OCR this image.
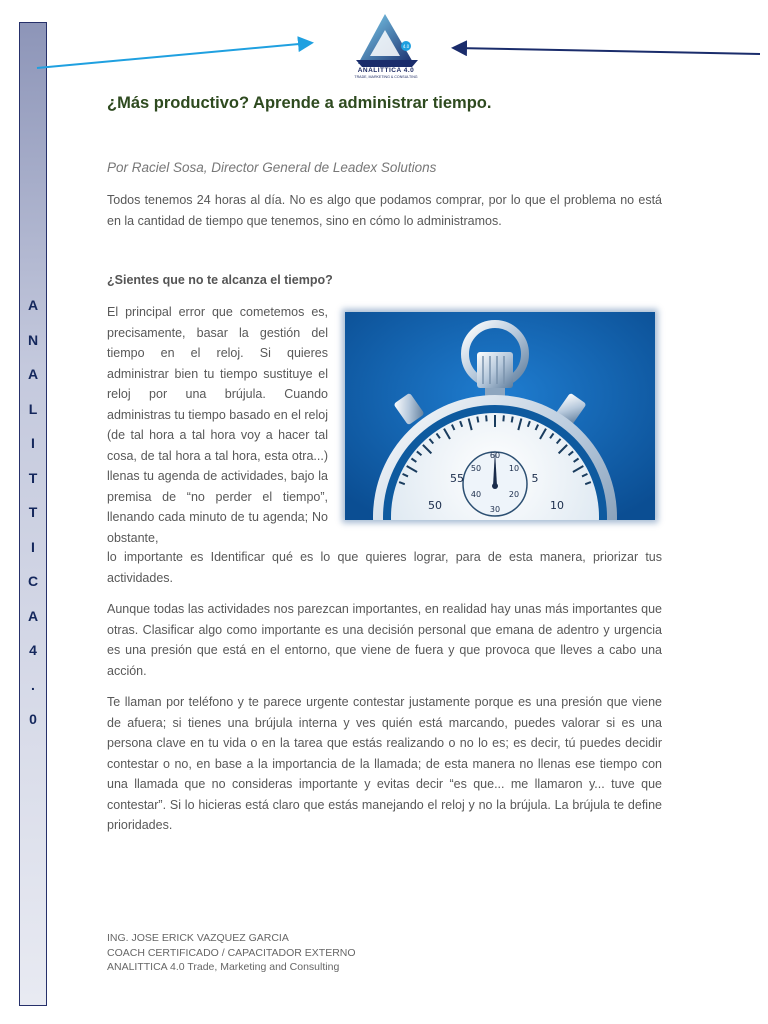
A
N
A
L
I
T
T
I
C
A
4
.
0
4.0
ANALITTICA 4.0
TRADE, MARKETING & CONSULTING
¿Más productivo? Aprende a administrar tiempo.
Por Raciel Sosa, Director General de Leadex Solutions
Todos tenemos 24 horas al día. No es algo que podamos comprar, por lo que el problema no está en la cantidad de tiempo que tenemos, sino en cómo lo administramos.
¿Sientes que no te alcanza el tiempo?
El principal error que cometemos es, precisamente, basar la gestión del tiempo en el reloj. Si quieres administrar bien tu tiempo sustituye el reloj por una brújula. Cuando administras tu tiempo basado en el reloj (de tal hora a tal hora voy a hacer tal cosa, de tal hora a tal hora, esta otra...) llenas tu agenda de actividades, bajo la premisa de “no perder el tiempo”, llenando cada minuto de tu agenda; No obstante,
60
50	10
40	20
30
55	5
50	10
lo importante es Identificar qué es lo que quieres lograr, para de esta manera, priorizar tus actividades.
Aunque todas las actividades nos parezcan importantes, en realidad hay unas más importantes que otras. Clasificar algo como importante es una decisión personal que emana de adentro y urgencia es una presión que está en el entorno, que viene de fuera y que provoca que lleves a cabo una acción.
Te llaman por teléfono y te parece urgente contestar justamente porque es una presión que viene de afuera; si tienes una brújula interna y ves quién está marcando, puedes valorar si es una persona clave en tu vida o en la tarea que estás realizando o no lo es; es decir, tú puedes decidir contestar o no, en base a la importancia de la llamada; de esta manera no llenas ese tiempo con una llamada que no consideras importante y evitas decir “es que... me llamaron y... tuve que contestar”. Si lo hicieras está claro que estás manejando el reloj y no la brújula. La brújula te define prioridades.
ING. JOSE ERICK VAZQUEZ GARCIA
COACH CERTIFICADO / CAPACITADOR EXTERNO
ANALITTICA 4.0 Trade, Marketing and Consulting
